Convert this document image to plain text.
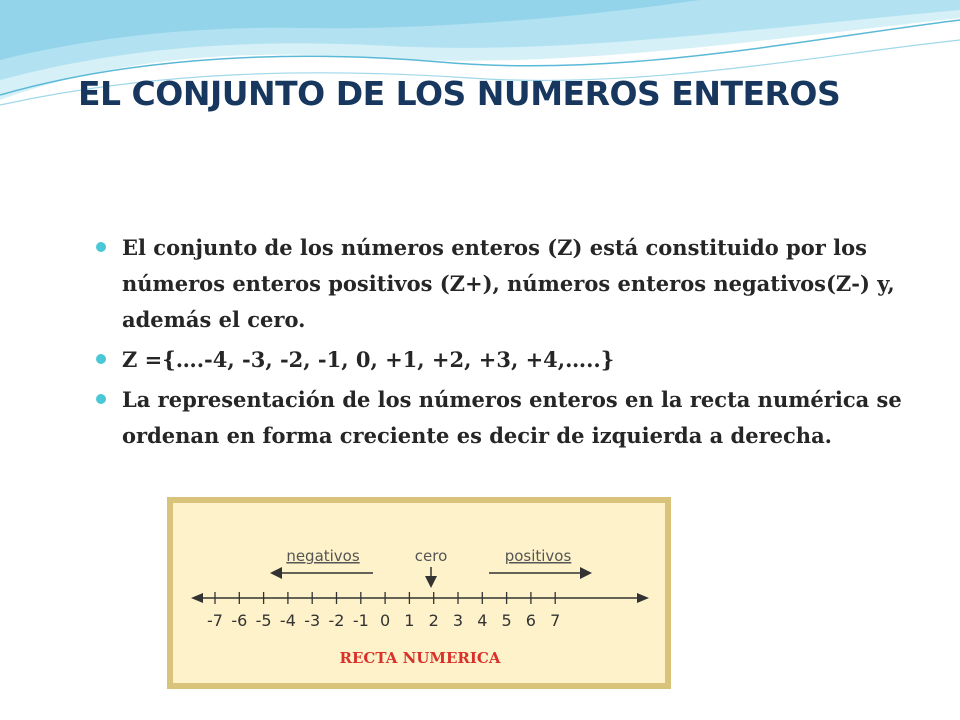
EL CONJUNTO DE LOS NUMEROS ENTEROS
El conjunto de los números enteros (Z) está constituido por los números enteros positivos (Z+), números enteros negativos(Z-) y, además el cero.
Z ={….-4, -3, -2, -1, 0, +1, +2, +3, +4,…..}
La representación de los números enteros en la recta numérica se ordenan en forma creciente es decir de izquierda a derecha.
negativos	cero	positivos
-7 -6 -5 -4 -3 -2 -1 0 1 2 3 4 5 6 7
RECTA NUMERICA
